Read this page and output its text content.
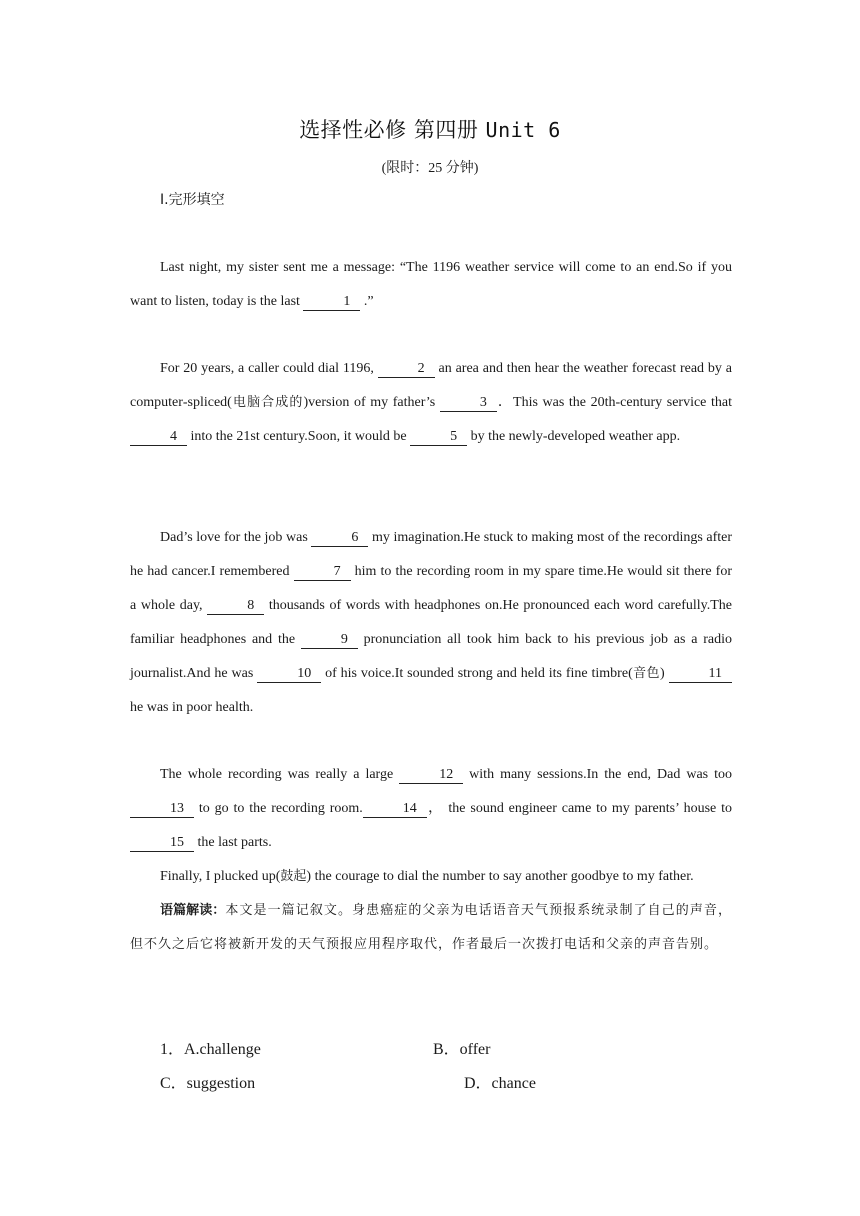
选择性必修 第四册 Unit 6
(限时：25 分钟)
Ⅰ.完形填空

Last night, my sister sent me a message: “The 1196 weather service will come to an end.So if you want to listen, today is the last	1 .”

For 20 years, a caller could dial 1196,	2 an area and then hear the weather forecast read by a computer‑spliced(电脑合成的)version of my father’s	3 ．This was the 20th‑century service that 4 into the 21st century.Soon, it would be	5 by the newly‑developed weather app.

Dad’s love for the job was	6 my imagination.He stuck to making most of the recordings after he had cancer.I remembered	7 him to the recording room in my spare time.He would sit there for a whole day,	8 thousands of words with headphones on.He pronounced each word carefully.The familiar headphones and the	9 pronunciation all took him back to his previous job as a radio journalist.And he was	10 of his voice.It sounded strong and held its fine timbre(音色)	11 he was in poor health.

The whole recording was really a large	12 with many sessions.In the end, Dad was too 13 to go to the recording room.	14 ， the sound engineer came to my parents’ house to 15 the last parts.

Finally, I plucked up(鼓起) the courage to dial the number to say another goodbye to my father.

语篇解读：本文是一篇记叙文。身患癌症的父亲为电话语音天气预报系统录制了自己的声音，但不久之后它将被新开发的天气预报应用程序取代，作者最后一次拨打电话和父亲的声音告别。

1．A.challenge	B．offer
C．suggestion	D．chance
